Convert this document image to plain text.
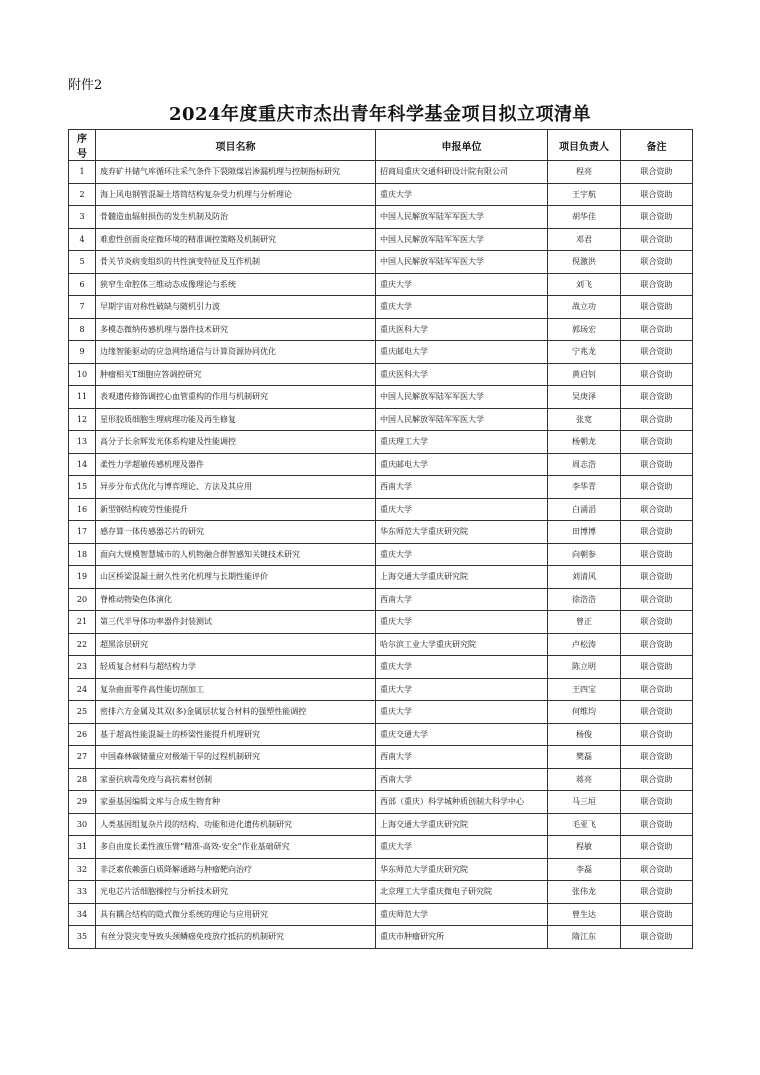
附件2
2024年度重庆市杰出青年科学基金项目拟立项清单
序号	项目名称	申报单位	项目负责人	备注
1	废弃矿井储气库循环注采气条件下裂隙煤岩渗漏机理与控制指标研究	招商局重庆交通科研设计院有限公司	程亮	联合资助
2	海上风电钢管混凝土塔筒结构复杂受力机理与分析理论	重庆大学	王宇航	联合资助
3	骨髓造血辐射损伤的发生机制及防治	中国人民解放军陆军军医大学	胡华佳	联合资助
4	难愈性创面炎症微环境的精准调控策略及机制研究	中国人民解放军陆军军医大学	邓君	联合资助
5	骨关节炎病变组织的共性演变特征及互作机制	中国人民解放军陆军军医大学	倪激洪	联合资助
6	狭窄生命腔体三维动态成像理论与系统	重庆大学	刘飞	联合资助
7	早期宇宙对称性破缺与随机引力波	重庆大学	战立功	联合资助
8	多模态微纳传感机理与器件技术研究	重庆医科大学	郭玚宏	联合资助
9	边缘智能驱动的应急网络通信与计算资源协同优化	重庆邮电大学	宁兆龙	联合资助
10	肿瘤相关T细胞应答调控研究	重庆医科大学	黄启钊	联合资助
11	表观遗传修饰调控心血管重构的作用与机制研究	中国人民解放军陆军军医大学	吴庚泽	联合资助
12	星形胶质细胞生理病理功能及再生修复	中国人民解放军陆军军医大学	张宽	联合资助
13	高分子长余辉发光体系构建及性能调控	重庆理工大学	杨朝龙	联合资助
14	柔性力学超敏传感机理及器件	重庆邮电大学	周志浩	联合资助
15	异步分布式优化与博弈理论、方法及其应用	西南大学	李华青	联合资助
16	新型钢结构疲劳性能提升	重庆大学	白涌滔	联合资助
17	感存算一体传感器芯片的研究	华东师范大学重庆研究院	田博博	联合资助
18	面向大规模智慧城市的人机物融合群智感知关键技术研究	重庆大学	向朝参	联合资助
19	山区桥梁混凝土耐久性劣化机理与长期性能评价	上海交通大学重庆研究院	刘清风	联合资助
20	脊椎动物染色体演化	西南大学	徐浩浩	联合资助
21	第三代半导体功率器件封装测试	重庆大学	曾正	联合资助
22	超黑涂层研究	哈尔滨工业大学重庆研究院	卢松涛	联合资助
23	轻质复合材料与超结构力学	重庆大学	陈立明	联合资助
24	复杂曲面零件高性能切削加工	重庆大学	王四宝	联合资助
25	密排六方金属及其双(多)金属层状复合材料的强塑性能调控	重庆大学	何维均	联合资助
26	基于超高性能混凝土的桥梁性能提升机理研究	重庆交通大学	杨俊	联合资助
27	中国森林碳储量应对极端干旱的过程机制研究	西南大学	樊磊	联合资助
28	家蚕抗病毒免疫与高抗素材创制	西南大学	蒋亮	联合资助
29	家蚕基因编辑文库与合成生物育种	西部（重庆）科学城种质创制大科学中心	马三垣	联合资助
30	人类基因组复杂片段的结构、功能和进化遗传机制研究	上海交通大学重庆研究院	毛亚飞	联合资助
31	多自由度长柔性液压臂“精准-高效-安全”作业基础研究	重庆大学	程敏	联合资助
32	非泛素依赖蛋白质降解通路与肿瘤靶向治疗	华东师范大学重庆研究院	李磊	联合资助
33	光电芯片活细胞操控与分析技术研究	北京理工大学重庆微电子研究院	张伟龙	联合资助
34	具有耦合结构的隐式微分系统的理论与应用研究	重庆师范大学	曾生达	联合资助
35	有丝分裂灾变导致头颈鳞癌免疫放疗抵抗的机制研究	重庆市肿瘤研究所	隋江东	联合资助
